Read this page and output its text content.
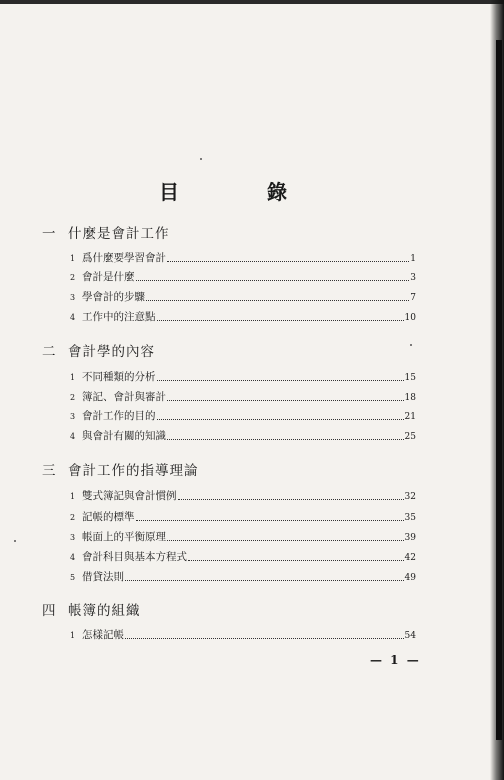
目　錄
一 什麼是會計工作
1 爲什麼要學習會計	1
2 會計是什麼	3
3 學會計的步驟	7
4 工作中的注意點	10
二 會計學的內容
1 不同種類的分析	15
2 簿記、會計與審計	18
3 會計工作的目的	21
4 與會計有關的知識	25
三 會計工作的指導理論
1 雙式簿記與會計慣例	32
2 記帳的標準	35
3 帳面上的平衡原理	39
4 會計科目與基本方程式	42
5 借貸法則	49
四 帳簿的組織
1 怎樣記帳	54
— 1 —
